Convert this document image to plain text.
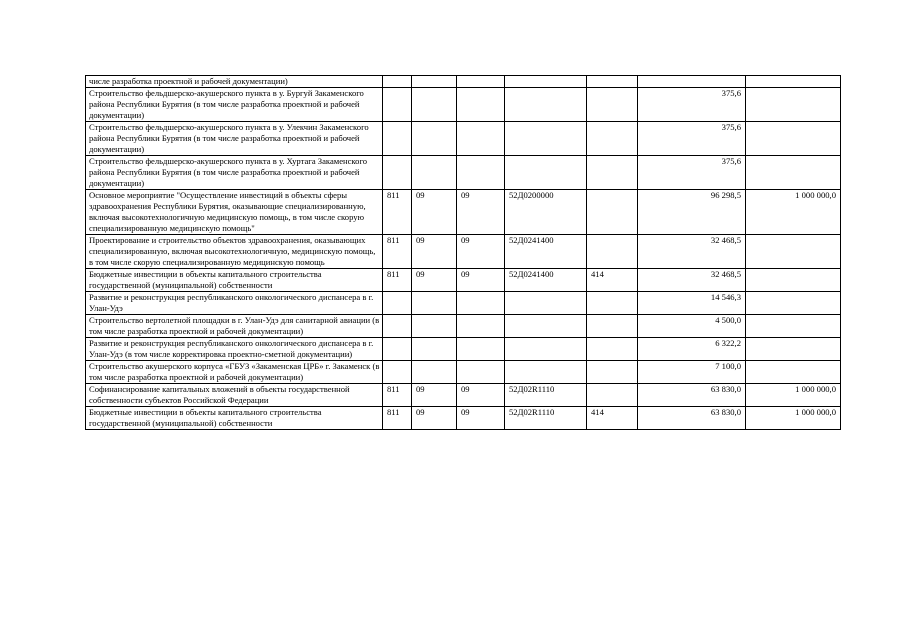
числе разработка проектной и рабочей документации)							
Строительство фельдшерско-акушерского пункта в у. Бургуй Закаменского района Республики Бурятия (в том числе разработка проектной и рабочей документации)						375,6	
Строительство фельдшерско-акушерского пункта в у. Улекчин Закаменского района Республики Бурятия (в том числе разработка проектной и рабочей документации)						375,6	
Строительство фельдшерско-акушерского пункта в у. Хуртага Закаменского района Республики Бурятия (в том числе разработка проектной и рабочей документации)						375,6	
Основное мероприятие "Осуществление инвестиций в объекты сферы здравоохранения Республики Бурятия, оказывающие специализированную, включая высокотехнологичную медицинскую помощь, в том числе скорую специализированную медицинскую помощь"	811	09	09	52Д0200000		96 298,5	1 000 000,0
Проектирование и строительство объектов здравоохранения, оказывающих специализированную, включая высокотехнологичную, медицинскую помощь, в том числе скорую специализированную медицинскую помощь	811	09	09	52Д0241400		32 468,5	
Бюджетные инвестиции в объекты капитального строительства государственной (муниципальной) собственности	811	09	09	52Д0241400	414	32 468,5	
Развитие и реконструкция республиканского онкологического диспансера в г. Улан-Удэ						14 546,3	
Строительство вертолетной площадки в г. Улан-Удэ для санитарной авиации (в том числе разработка проектной и рабочей документации)						4 500,0	
Развитие и реконструкция республиканского онкологического диспансера в г. Улан-Удэ (в том числе корректировка проектно-сметной документации)						6 322,2	
Строительство акушерского корпуса «ГБУЗ «Закаменская ЦРБ» г. Закаменск (в том числе разработка проектной и рабочей документации)						7 100,0	
Софинансирование капитальных вложений в объекты государственной собственности субъектов Российской Федерации	811	09	09	52Д02R1110		63 830,0	1 000 000,0
Бюджетные инвестиции в объекты капитального строительства государственной (муниципальной) собственности	811	09	09	52Д02R1110	414	63 830,0	1 000 000,0
